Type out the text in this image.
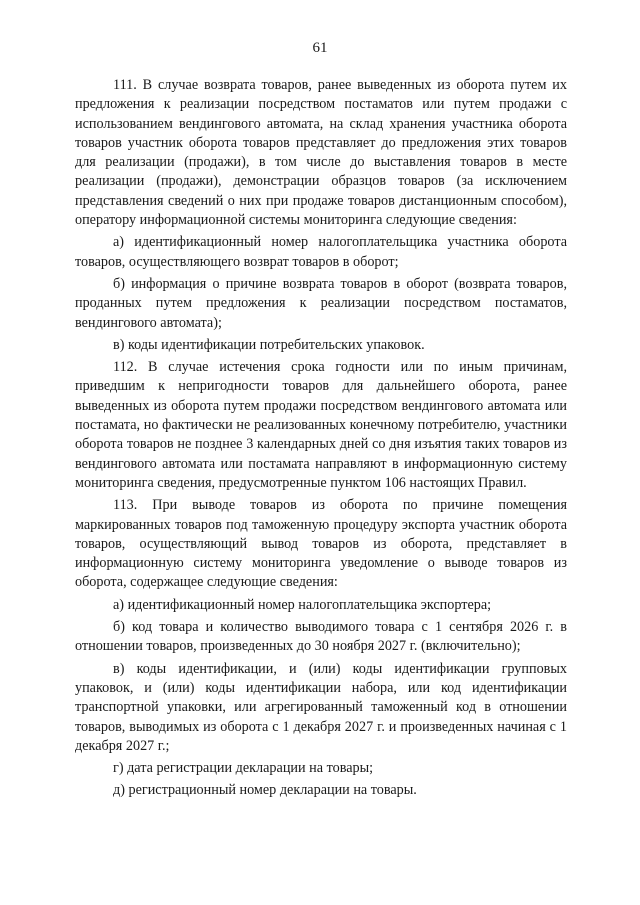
61

111. В случае возврата товаров, ранее выведенных из оборота путем их предложения к реализации посредством постаматов или путем продажи с использованием вендингового автомата, на склад хранения участника оборота товаров участник оборота товаров представляет до предложения этих товаров для реализации (продажи), в том числе до выставления товаров в месте реализации (продажи), демонстрации образцов товаров (за исключением представления сведений о них при продаже товаров дистанционным способом), оператору информационной системы мониторинга следующие сведения:

а) идентификационный номер налогоплательщика участника оборота товаров, осуществляющего возврат товаров в оборот;

б) информация о причине возврата товаров в оборот (возврата товаров, проданных путем предложения к реализации посредством постаматов, вендингового автомата);

в) коды идентификации потребительских упаковок.

112. В случае истечения срока годности или по иным причинам, приведшим к непригодности товаров для дальнейшего оборота, ранее выведенных из оборота путем продажи посредством вендингового автомата или постамата, но фактически не реализованных конечному потребителю, участники оборота товаров не позднее 3 календарных дней со дня изъятия таких товаров из вендингового автомата или постамата направляют в информационную систему мониторинга сведения, предусмотренные пунктом 106 настоящих Правил.

113. При выводе товаров из оборота по причине помещения маркированных товаров под таможенную процедуру экспорта участник оборота товаров, осуществляющий вывод товаров из оборота, представляет в информационную систему мониторинга уведомление о выводе товаров из оборота, содержащее следующие сведения:

а) идентификационный номер налогоплательщика экспортера;

б) код товара и количество выводимого товара с 1 сентября 2026 г. в отношении товаров, произведенных до 30 ноября 2027 г. (включительно);

в) коды идентификации, и (или) коды идентификации групповых упаковок, и (или) коды идентификации набора, или код идентификации транспортной упаковки, или агрегированный таможенный код в отношении товаров, выводимых из оборота с 1 декабря 2027 г. и произведенных начиная с 1 декабря 2027 г.;

г) дата регистрации декларации на товары;

д) регистрационный номер декларации на товары.
